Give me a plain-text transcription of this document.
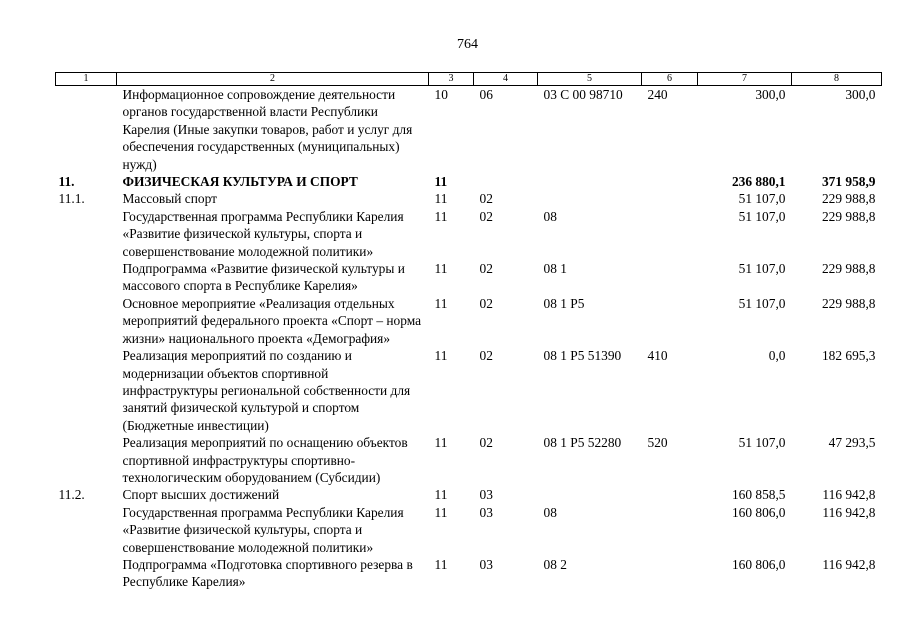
764
1	2	3	4	5	6	7	8
	Информационное сопровождение деятельности органов государственной власти Республики Карелия (Иные закупки товаров, работ и услуг для обеспечения государственных (муниципальных) нужд)	10	06	03 С 00 98710	240	300,0	300,0
11.	ФИЗИЧЕСКАЯ КУЛЬТУРА И СПОРТ	11				236 880,1	371 958,9
11.1.	Массовый спорт	11	02			51 107,0	229 988,8
	Государственная программа Республики Карелия «Развитие физической культуры, спорта и совершенствование молодежной политики»	11	02	08		51 107,0	229 988,8
	Подпрограмма «Развитие физической культуры и массового спорта в Республике Карелия»	11	02	08 1		51 107,0	229 988,8
	Основное мероприятие «Реализация отдельных мероприятий федерального проекта «Спорт – норма жизни» национального проекта «Демография»	11	02	08 1 Р5		51 107,0	229 988,8
	Реализация мероприятий по созданию и модернизации объектов спортивной инфраструктуры региональной собственности для занятий физической культурой и спортом (Бюджетные инвестиции)	11	02	08 1 Р5 51390	410	0,0	182 695,3
	Реализация мероприятий по оснащению объектов спортивной инфраструктуры спортивно-технологическим оборудованием (Субсидии)	11	02	08 1 Р5 52280	520	51 107,0	47 293,5
11.2.	Спорт высших достижений	11	03			160 858,5	116 942,8
	Государственная программа Республики Карелия «Развитие физической культуры, спорта и совершенствование молодежной политики»	11	03	08		160 806,0	116 942,8
	Подпрограмма «Подготовка спортивного резерва в Республике Карелия»	11	03	08 2		160 806,0	116 942,8
